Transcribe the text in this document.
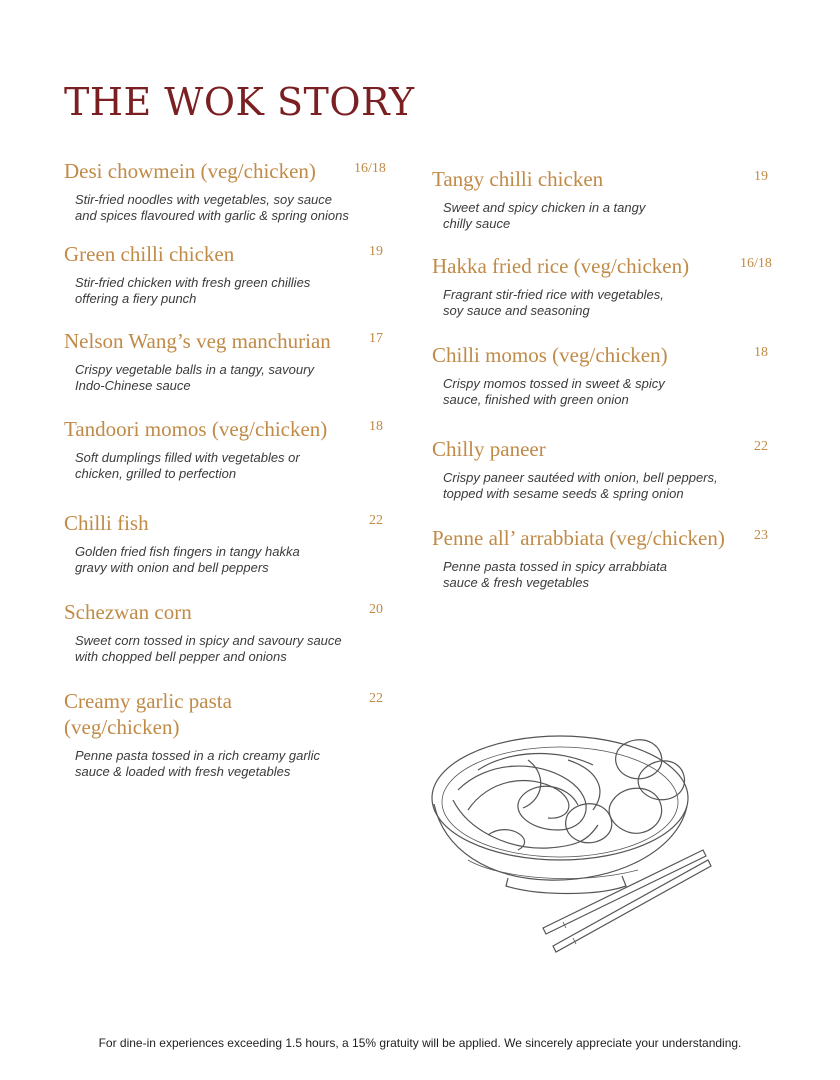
THE WOK STORY
Desi chowmein (veg/chicken)	16/18
Stir-fried noodles with vegetables, soy sauce
and spices flavoured with garlic & spring onions
Green chilli chicken	19
Stir-fried chicken with fresh green chillies
offering a fiery punch
Nelson Wang’s veg manchurian	17
Crispy vegetable balls in a tangy, savoury
Indo-Chinese sauce
Tandoori momos (veg/chicken)	18
Soft dumplings filled with vegetables or
chicken, grilled to perfection
Chilli fish	22
Golden fried fish fingers in tangy hakka
gravy with onion and bell peppers
Schezwan corn	20
Sweet corn tossed in spicy and savoury sauce
with chopped bell pepper and onions
Creamy garlic pasta
(veg/chicken)
22
Penne pasta tossed in a rich creamy garlic
sauce & loaded with fresh vegetables
Tangy chilli chicken	19
Sweet and spicy chicken in a tangy
chilly sauce
Hakka fried rice (veg/chicken)	16/18
Fragrant stir-fried rice with vegetables,
soy sauce and seasoning
Chilli momos (veg/chicken)	18
Crispy momos tossed in sweet & spicy
sauce, finished with green onion
Chilly paneer	22
Crispy paneer sautéed with onion, bell peppers,
topped with sesame seeds & spring onion
Penne all’ arrabbiata (veg/chicken)	23
Penne pasta tossed in spicy arrabbiata
sauce & fresh vegetables
For dine-in experiences exceeding 1.5 hours, a 15% gratuity will be applied. We sincerely appreciate your understanding.
